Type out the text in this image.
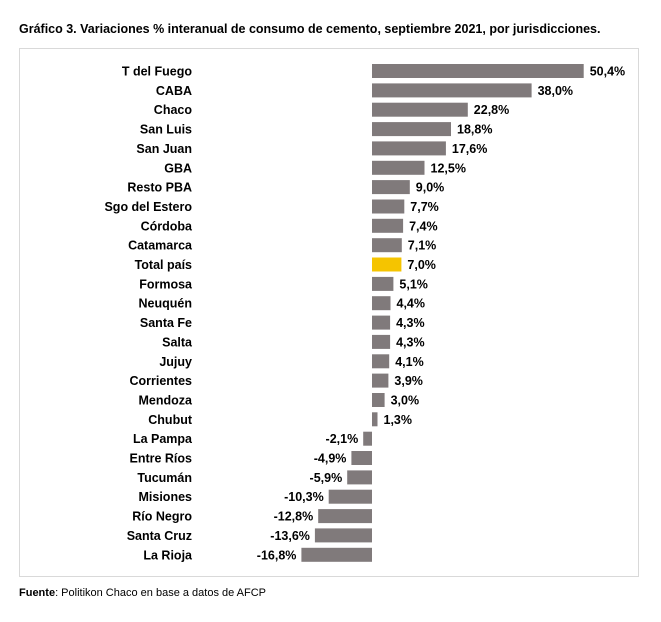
Gráfico 3. Variaciones % interanual de consumo de cemento, septiembre 2021, por jurisdicciones.
T del Fuego	50,4%
CABA	38,0%
Chaco	22,8%
San Luis	18,8%
San Juan	17,6%
GBA	12,5%
Resto PBA	9,0%
Sgo del Estero	7,7%
Córdoba	7,4%
Catamarca	7,1%
Total país	7,0%
Formosa	5,1%
Neuquén	4,4%
Santa Fe	4,3%
Salta	4,3%
Jujuy	4,1%
Corrientes	3,9%
Mendoza	3,0%
Chubut	1,3%
La Pampa	-2,1%
Entre Ríos	-4,9%
Tucumán	-5,9%
Misiones	-10,3%
Río Negro	-12,8%
Santa Cruz	-13,6%
La Rioja	-16,8%
Fuente: Politikon Chaco en base a datos de AFCP
